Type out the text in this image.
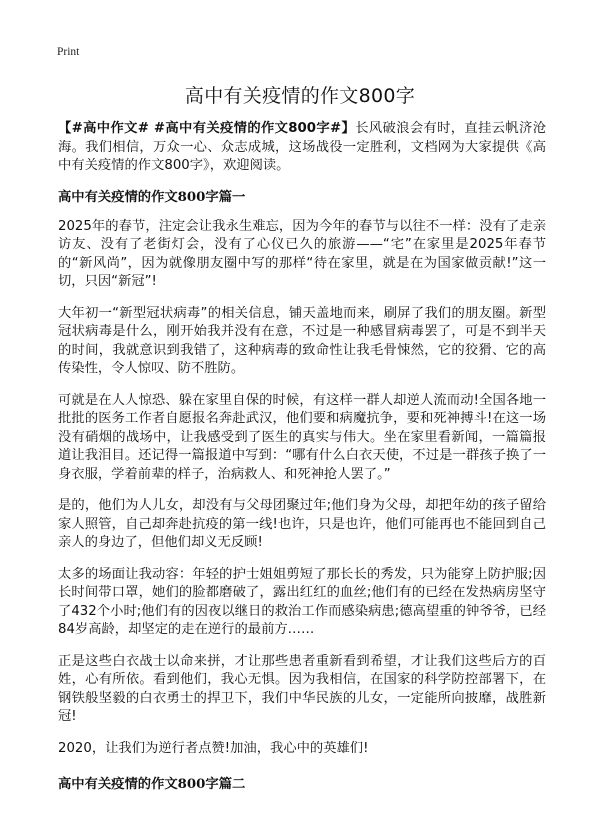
Print
高中有关疫情的作文800字

【#高中作文# #高中有关疫情的作文800字#】长风破浪会有时，直挂云帆济沧海。我们相信，万众一心、众志成城，这场战役一定胜利，文档网为大家提供《高中有关疫情的作文800字》，欢迎阅读。

高中有关疫情的作文800字篇一

2025年的春节，注定会让我永生难忘，因为今年的春节与以往不一样：没有了走亲访友、没有了老街灯会，没有了心仪已久的旅游——“宅”在家里是2025年春节的“新风尚”，因为就像朋友圈中写的那样“待在家里，就是在为国家做贡献!”这一切，只因“新冠”!

大年初一“新型冠状病毒”的相关信息，铺天盖地而来，刷屏了我们的朋友圈。新型冠状病毒是什么，刚开始我并没有在意，不过是一种感冒病毒罢了，可是不到半天的时间，我就意识到我错了，这种病毒的致命性让我毛骨悚然，它的狡猾、它的高传染性，令人惊叹、防不胜防。

可就是在人人惊恐、躲在家里自保的时候，有这样一群人却逆人流而动!全国各地一批批的医务工作者自愿报名奔赴武汉，他们要和病魔抗争，要和死神搏斗!在这一场没有硝烟的战场中，让我感受到了医生的真实与伟大。坐在家里看新闻，一篇篇报道让我泪目。还记得一篇报道中写到：“哪有什么白衣天使，不过是一群孩子换了一身衣服，学着前辈的样子，治病救人、和死神抢人罢了。”

是的，他们为人儿女，却没有与父母团聚过年;他们身为父母，却把年幼的孩子留给家人照管，自己却奔赴抗疫的第一线!也许，只是也许，他们可能再也不能回到自己亲人的身边了，但他们却义无反顾!

太多的场面让我动容：年轻的护士姐姐剪短了那长长的秀发，只为能穿上防护服;因长时间带口罩，她们的脸都磨破了，露出红红的血丝;他们有的已经在发热病房坚守了432个小时;他们有的因夜以继日的救治工作而感染病患;德高望重的钟爷爷，已经84岁高龄，却坚定的走在逆行的最前方……

正是这些白衣战士以命来拼，才让那些患者重新看到希望，才让我们这些后方的百姓，心有所依。看到他们，我心无惧。因为我相信，在国家的科学防控部署下，在钢铁般坚毅的白衣勇士的捍卫下，我们中华民族的儿女，一定能所向披靡，战胜新冠!

2020，让我们为逆行者点赞!加油，我心中的英雄们!

高中有关疫情的作文800字篇二
